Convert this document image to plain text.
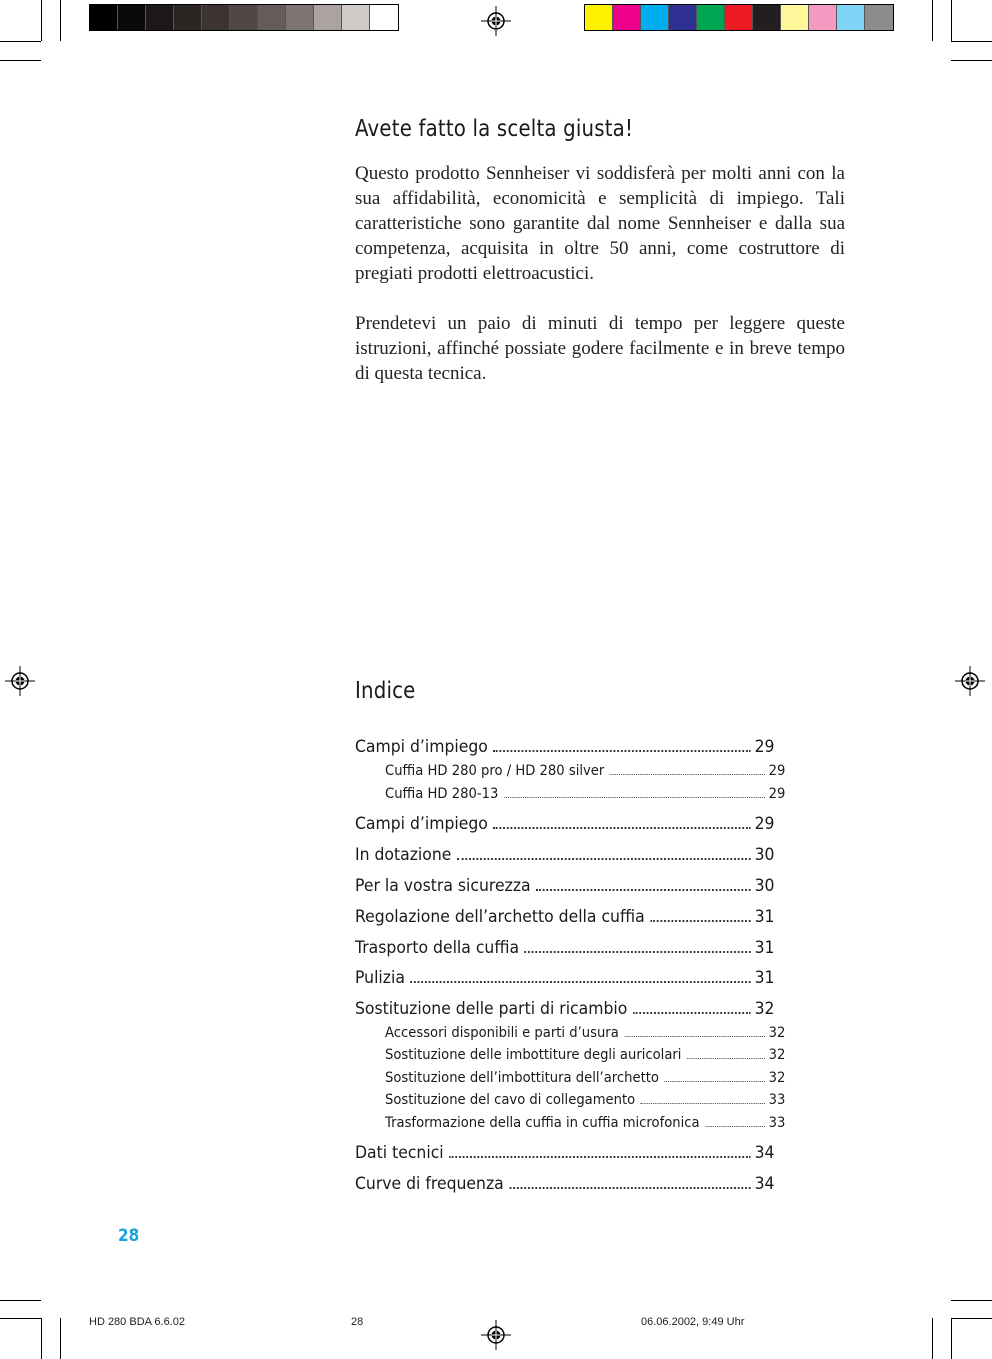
Avete fatto la scelta giusta!

Questo prodotto Sennheiser vi soddisferà per molti anni con la sua affidabilità, economicità e semplicità di impiego. Tali caratteristiche sono garantite dal nome Sennheiser e dalla sua competenza, acquisita in oltre 50 anni, come costruttore di pregiati prodotti elettroacustici.

Prendetevi un paio di minuti di tempo per leggere queste istruzioni, affinché possiate godere facilmente e in breve tempo di questa tecnica.

Indice
Campi d’impiego	29
Cuffia HD 280 pro / HD 280 silver	29
Cuffia HD 280-13	29
Campi d’impiego	29
In dotazione	30
Per la vostra sicurezza	30
Regolazione dell’archetto della cuffia	31
Trasporto della cuffia	31
Pulizia	31
Sostituzione delle parti di ricambio	32
Accessori disponibili e parti d’usura	32
Sostituzione delle imbottiture degli auricolari	32
Sostituzione dell’imbottitura dell’archetto	32
Sostituzione del cavo di collegamento	33
Trasformazione della cuffia in cuffia microfonica	33
Dati tecnici	34
Curve di frequenza	34
28
HD 280 BDA 6.6.02	28	06.06.2002, 9:49 Uhr
